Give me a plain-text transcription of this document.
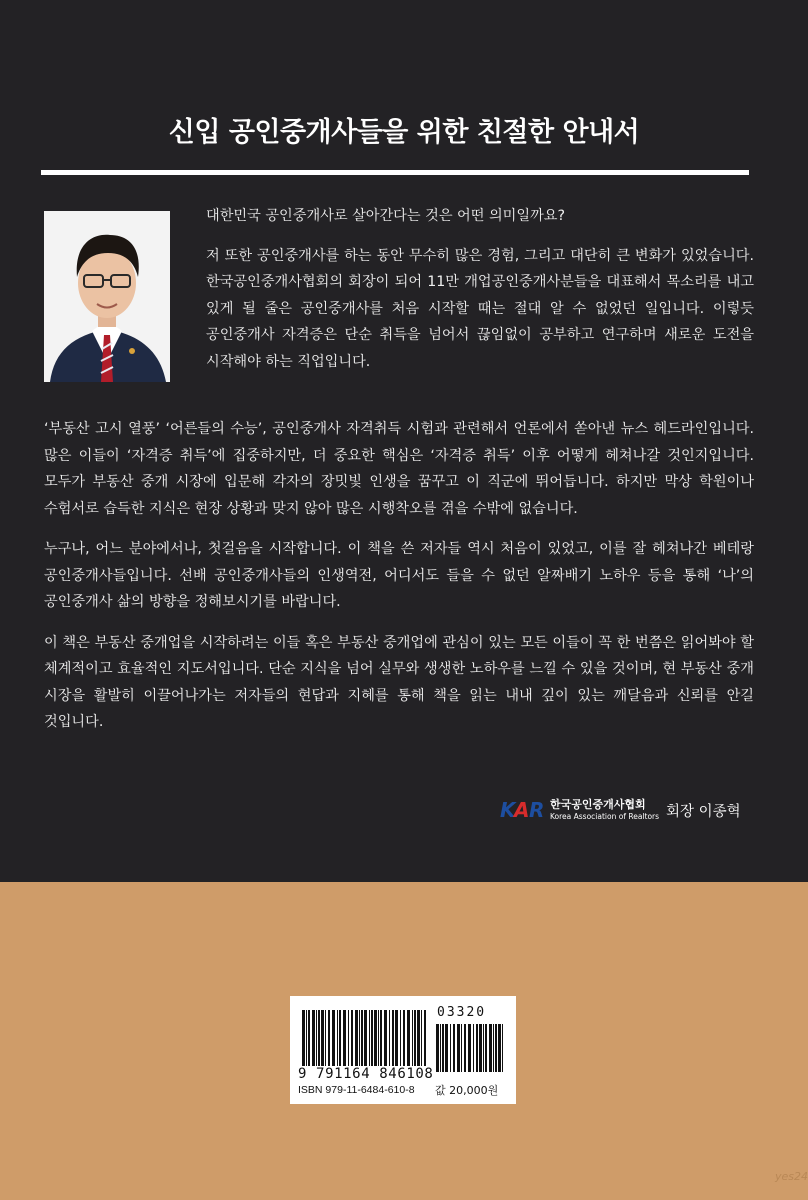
신입 공인중개사들을 위한 친절한 안내서

대한민국 공인중개사로 살아간다는 것은 어떤 의미일까요?

저 또한 공인중개사를 하는 동안 무수히 많은 경험, 그리고 대단히 큰 변화가 있었습니다. 한국공인중개사협회의 회장이 되어 11만 개업공인중개사분들을 대표해서 목소리를 내고 있게 될 줄은 공인중개사를 처음 시작할 때는 절대 알 수 없었던 일입니다. 이렇듯 공인중개사 자격증은 단순 취득을 넘어서 끊임없이 공부하고 연구하며 새로운 도전을 시작해야 하는 직업입니다.

‘부동산 고시 열풍’ ‘어른들의 수능’, 공인중개사 자격취득 시험과 관련해서 언론에서 쏟아낸 뉴스 헤드라인입니다. 많은 이들이 ‘자격증 취득’에 집중하지만, 더 중요한 핵심은 ‘자격증 취득’ 이후 어떻게 헤쳐나갈 것인지입니다. 모두가 부동산 중개 시장에 입문해 각자의 장밋빛 인생을 꿈꾸고 이 직군에 뛰어듭니다. 하지만 막상 학원이나 수험서로 습득한 지식은 현장 상황과 맞지 않아 많은 시행착오를 겪을 수밖에 없습니다.

누구나, 어느 분야에서나, 첫걸음을 시작합니다. 이 책을 쓴 저자들 역시 처음이 있었고, 이를 잘 헤쳐나간 베테랑 공인중개사들입니다. 선배 공인중개사들의 인생역전, 어디서도 들을 수 없던 알짜배기 노하우 등을 통해 ‘나’의 공인중개사 삶의 방향을 정해보시기를 바랍니다.

이 책은 부동산 중개업을 시작하려는 이들 혹은 부동산 중개업에 관심이 있는 모든 이들이 꼭 한 번쯤은 읽어봐야 할 체계적이고 효율적인 지도서입니다. 단순 지식을 넘어 실무와 생생한 노하우를 느낄 수 있을 것이며, 현 부동산 중개 시장을 활발히 이끌어나가는 저자들의 현답과 지혜를 통해 책을 읽는 내내 깊이 있는 깨달음과 신뢰를 안길 것입니다.

K A R 한국공인중개사협회
Korea Association of Realtors 회장 이종혁
03320
9 791164 846108
ISBN 979-11-6484-610-8 값 20,000원
yes24
